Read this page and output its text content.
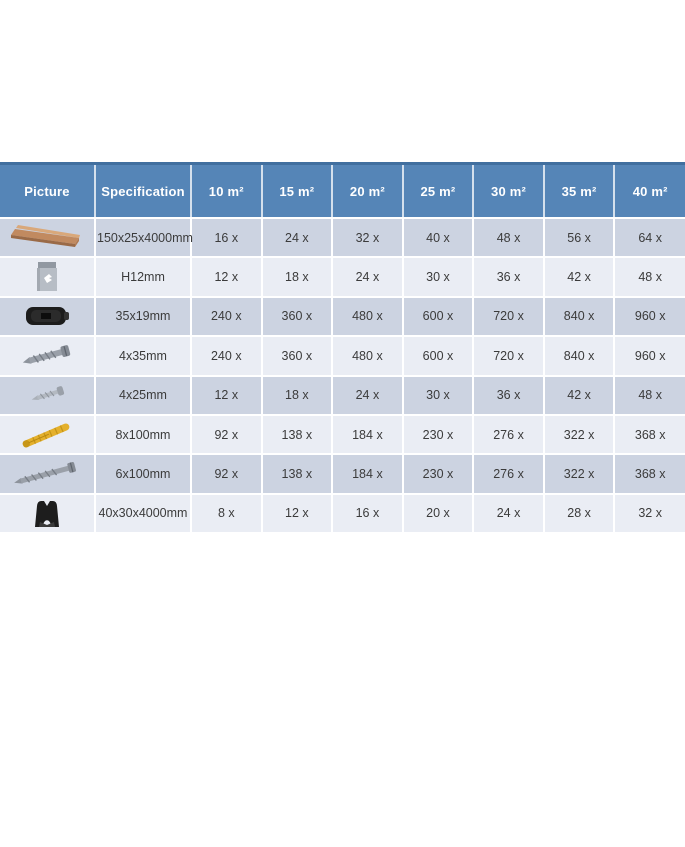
Picture	Specification	10 m²	15 m²	20 m²	25 m²	30 m²	35 m²	40 m²

	150x25x4000mm	16 x	24 x	32 x	40 x	48 x	56 x	64 x

	H12mm	12 x	18 x	24 x	30 x	36 x	42 x	48 x

	35x19mm	240 x	360 x	480 x	600 x	720 x	840 x	960 x

	4x35mm	240 x	360 x	480 x	600 x	720 x	840 x	960 x

	4x25mm	12 x	18 x	24 x	30 x	36 x	42 x	48 x

	8x100mm	92 x	138 x	184 x	230 x	276 x	322 x	368 x

	6x100mm	92 x	138 x	184 x	230 x	276 x	322 x	368 x

	40x30x4000mm	8 x	12 x	16 x	20 x	24 x	28 x	32 x
